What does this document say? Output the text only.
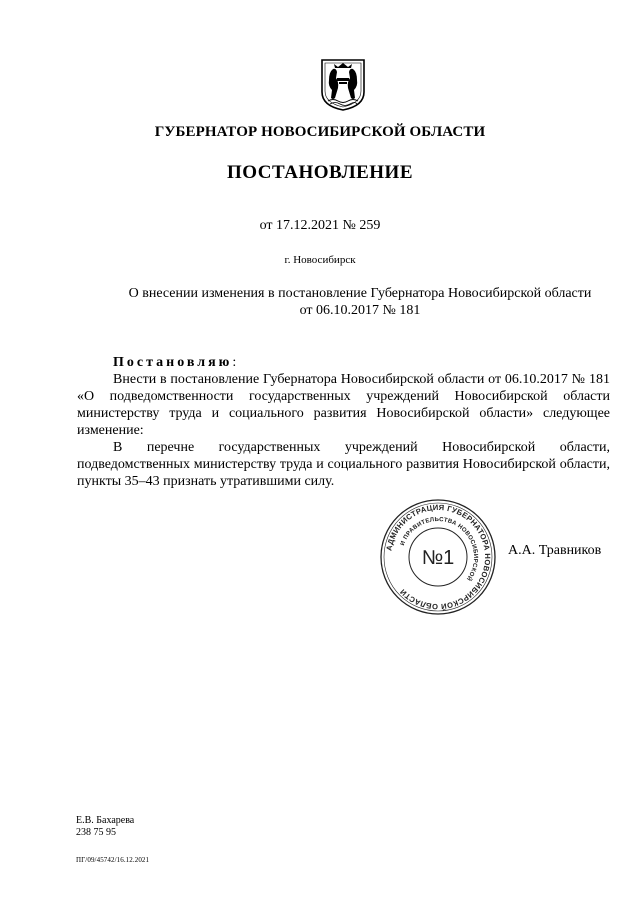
ГУБЕРНАТОР НОВОСИБИРСКОЙ ОБЛАСТИ
ПОСТАНОВЛЕНИЕ
от 17.12.2021 № 259
г. Новосибирск
О внесении изменения в постановление Губернатора Новосибирской области
от 06.10.2017 № 181

Постановляю:

Внести в постановление Губернатора Новосибирской области от 06.10.2017 № 181 «О подведомственности государственных учреждений Новосибирской области министерству труда и социального развития Новосибирской области» следующее изменение:

В перечне государственных учреждений Новосибирской области, подведомственных министерству труда и социального развития Новосибирской области, пункты 35–43 признать утратившими силу.

АДМИНИСТРАЦИЯ ГУБЕРНАТОРА НОВОСИБИРСКОЙ ОБЛАСТИ
И ПРАВИТЕЛЬСТВА НОВОСИБИРСКОЙ
№1	А.А. Травников
Е.В. Бахарева
238 75 95
ПГ/09/45742/16.12.2021
